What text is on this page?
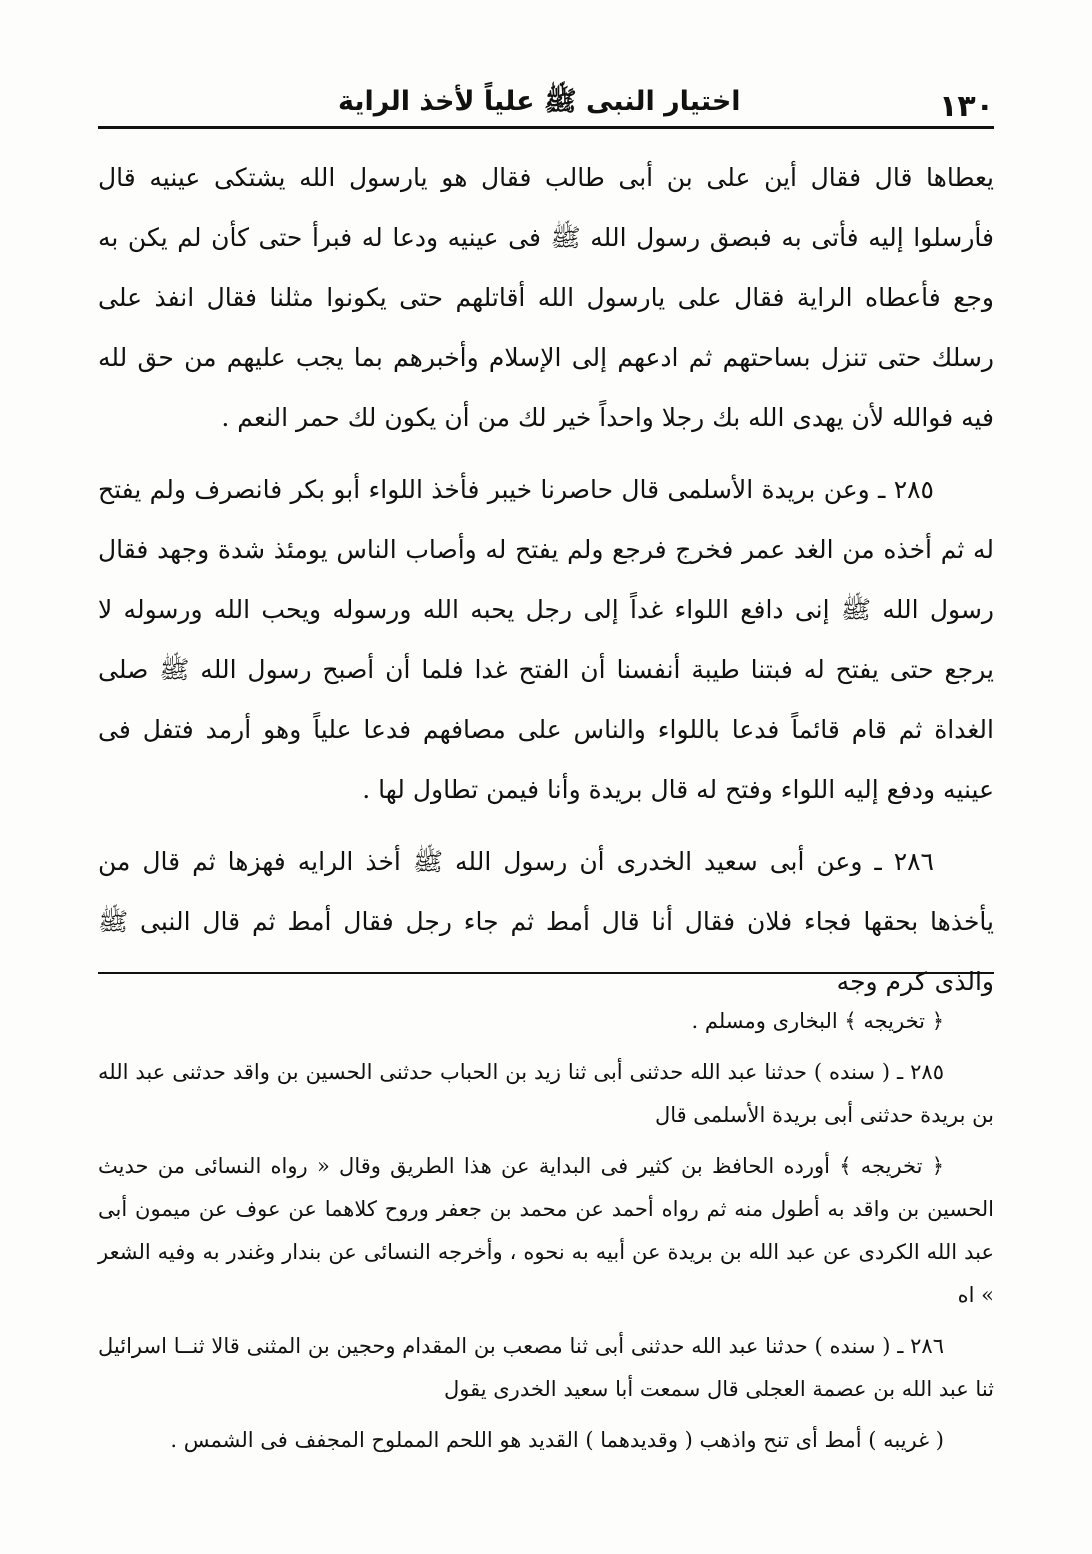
١٣٠
اختيار النبى ﷺ علياً لأخذ الراية

يعطاها قال فقال أين على بن أبى طالب فقال هو يارسول الله يشتكى عينيه قال فأرسلوا إليه فأتى به فبصق رسول الله ﷺ فى عينيه ودعا له فبرأ حتى كأن لم يكن به وجع فأعطاه الراية فقال على يارسول الله أقاتلهم حتى يكونوا مثلنا فقال انفذ على رسلك حتى تنزل بساحتهم ثم ادعهم إلى الإسلام وأخبرهم بما يجب عليهم من حق لله فيه فوالله لأن يهدى الله بك رجلا واحداً خير لك من أن يكون لك حمر النعم .

٢٨٥ ـ وعن بريدة الأسلمى قال حاصرنا خيبر فأخذ اللواء أبو بكر فانصرف ولم يفتح له ثم أخذه من الغد عمر فخرج فرجع ولم يفتح له وأصاب الناس يومئذ شدة وجهد فقال رسول الله ﷺ إنى دافع اللواء غداً إلى رجل يحبه الله ورسوله ويحب الله ورسوله لا يرجع حتى يفتح له فبتنا طيبة أنفسنا أن الفتح غدا فلما أن أصبح رسول الله ﷺ صلى الغداة ثم قام قائماً فدعا باللواء والناس على مصافهم فدعا علياً وهو أرمد فتفل فى عينيه ودفع إليه اللواء وفتح له قال بريدة وأنا فيمن تطاول لها .

٢٨٦ ـ وعن أبى سعيد الخدرى أن رسول الله ﷺ أخذ الرايه فهزها ثم قال من يأخذها بحقها فجاء فلان فقال أنا قال أمط ثم جاء رجل فقال أمط ثم قال النبى ﷺ والذى كرم وجه

﴿ تخريجه ﴾ البخارى ومسلم .

٢٨٥ ـ ( سنده ) حدثنا عبد الله حدثنى أبى ثنا زيد بن الحباب حدثنى الحسين بن واقد حدثنى عبد الله بن بريدة حدثنى أبى بريدة الأسلمى قال

﴿ تخريجه ﴾ أورده الحافظ بن كثير فى البداية عن هذا الطريق وقال « رواه النسائى من حديث الحسين بن واقد به أطول منه ثم رواه أحمد عن محمد بن جعفر وروح كلاهما عن عوف عن ميمون أبى عبد الله الكردى عن عبد الله بن بريدة عن أبيه به نحوه ، وأخرجه النسائى عن بندار وغندر به وفيه الشعر » اه

٢٨٦ ـ ( سنده ) حدثنا عبد الله حدثنى أبى ثنا مصعب بن المقدام وحجين بن المثنى قالا ثنــا اسرائيل ثنا عبد الله بن عصمة العجلى قال سمعت أبا سعيد الخدرى يقول

( غريبه ) أمط أى تنح واذهب ( وقديدهما ) القديد هو اللحم المملوح المجفف فى الشمس .
